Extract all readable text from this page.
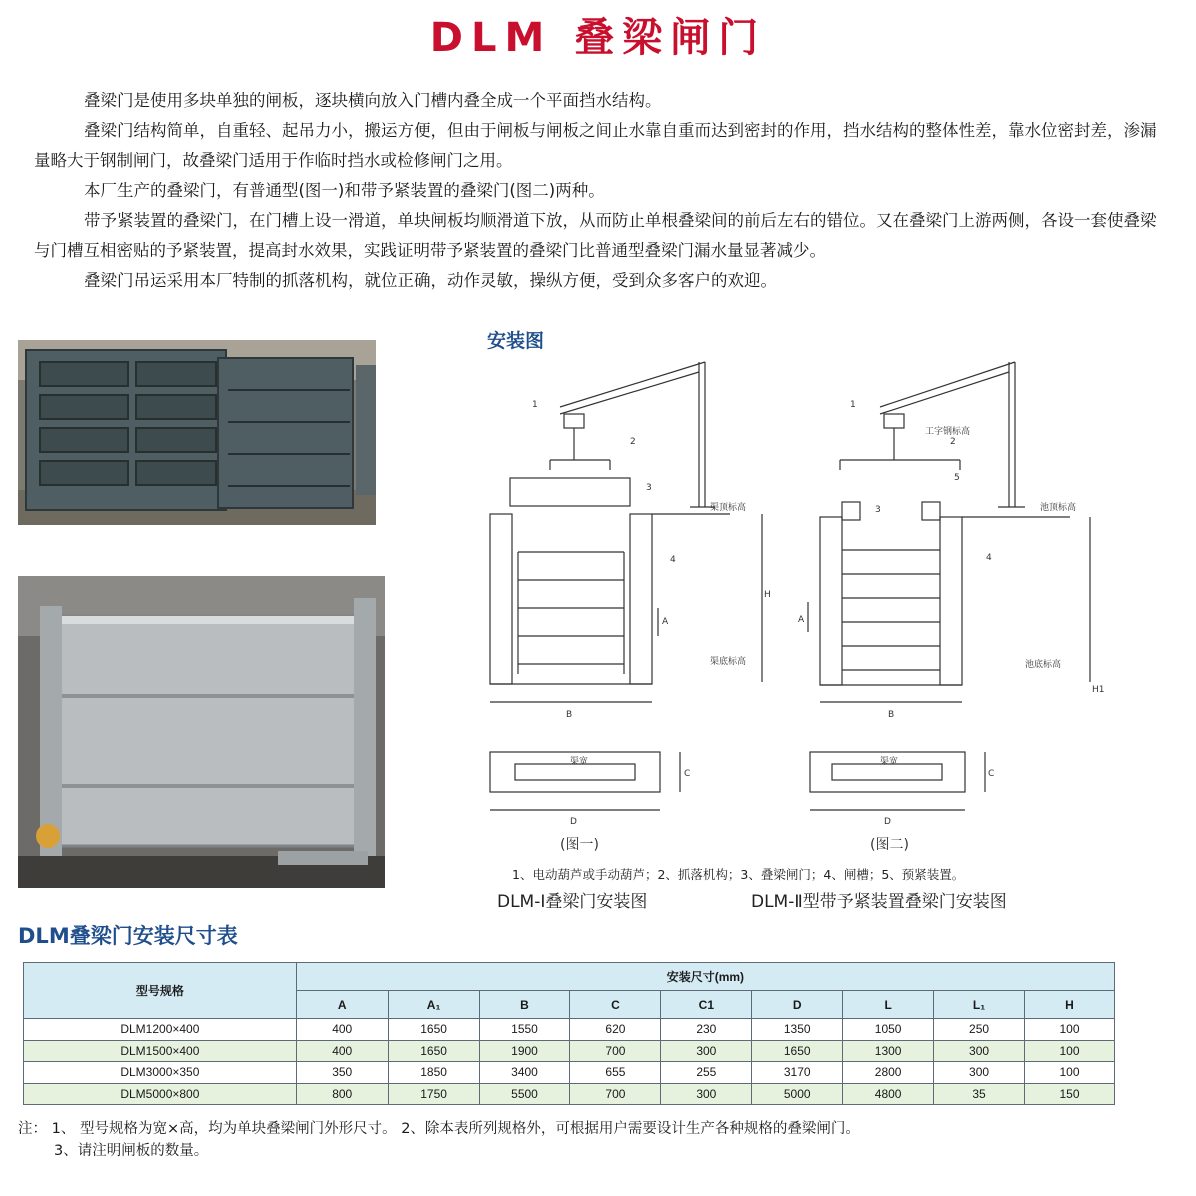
DLM 叠梁闸门

叠梁门是使用多块单独的闸板，逐块横向放入门槽内叠全成一个平面挡水结构。

叠梁门结构简单，自重轻、起吊力小，搬运方便，但由于闸板与闸板之间止水靠自重而达到密封的作用，挡水结构的整体性差，靠水位密封差，渗漏量略大于钢制闸门，故叠梁门适用于作临时挡水或检修闸门之用。

本厂生产的叠梁门，有普通型(图一)和带予紧装置的叠梁门(图二)两种。

带予紧装置的叠梁门，在门槽上设一滑道，单块闸板均顺滑道下放，从而防止单根叠梁间的前后左右的错位。又在叠梁门上游两侧，各设一套使叠梁与门槽互相密贴的予紧装置，提高封水效果，实践证明带予紧装置的叠梁门比普通型叠梁门漏水量显著减少。

叠梁门吊运采用本厂特制的抓落机构，就位正确，动作灵敏，操纵方便，受到众多客户的欢迎。

安装图
1
2
3
4
渠顶标高
渠底标高
B
H
A
渠宽
D
C
1
2
工字钢标高
3
4
5
池顶标高
池底标高
B
A
H1
渠宽
D
C
(图一)	(图二)
1、电动葫芦或手动葫芦；2、抓落机构；3、叠梁闸门；4、闸槽；5、预紧装置。
DLM-Ⅰ叠梁门安装图	DLM-Ⅱ型带予紧装置叠梁门安装图
DLM叠梁门安装尺寸表
型号规格	安装尺寸(mm)								
	A	A₁	B	C	C1	D	L	L₁	H
DLM1200×400	400	1650	1550	620	230	1350	1050	250	100
DLM1500×400	400	1650	1900	700	300	1650	1300	300	100
DLM3000×350	350	1850	3400	655	255	3170	2800	300	100
DLM5000×800	800	1750	5500	700	300	5000	4800	35	150
注： 1、 型号规格为宽×高，均为单块叠梁闸门外形尺寸。 2、除本表所列规格外，可根据用户需要设计生产各种规格的叠梁闸门。
3、请注明闸板的数量。
